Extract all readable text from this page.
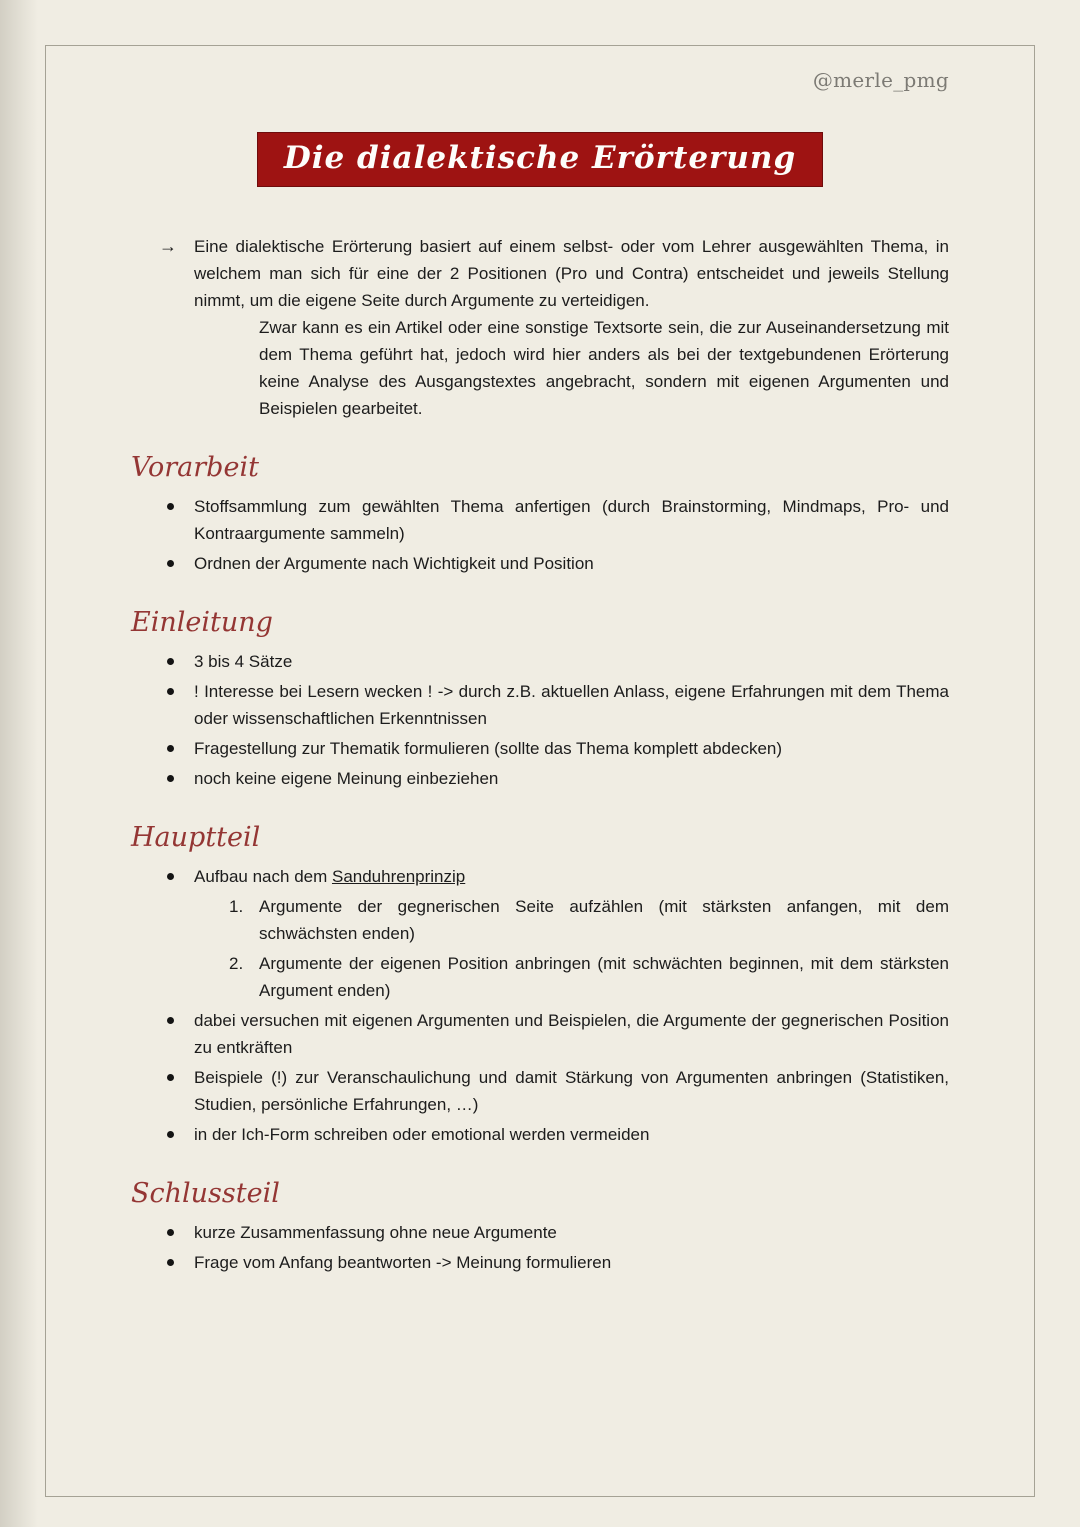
@merle_pmg
Die dialektische Erörterung
→	Eine dialektische Erörterung basiert auf einem selbst- oder vom Lehrer ausgewählten Thema, in welchem man sich für eine der 2 Positionen (Pro und Contra) entscheidet und jeweils Stellung nimmt, um die eigene Seite durch Argumente zu verteidigen.

Zwar kann es ein Artikel oder eine sonstige Textsorte sein, die zur Auseinandersetzung mit dem Thema geführt hat, jedoch wird hier anders als bei der textgebundenen Erörterung keine Analyse des Ausgangstextes angebracht, sondern mit eigenen Argumenten und Beispielen gearbeitet.

Vorarbeit

Stoffsammlung zum gewählten Thema anfertigen (durch Brainstorming, Mindmaps, Pro- und Kontraargumente sammeln)

Ordnen der Argumente nach Wichtigkeit und Position

Einleitung

3 bis 4 Sätze

! Interesse bei Lesern wecken ! -> durch z.B. aktuellen Anlass, eigene Erfahrungen mit dem Thema oder wissenschaftlichen Erkenntnissen

Fragestellung zur Thematik formulieren (sollte das Thema komplett abdecken)

noch keine eigene Meinung einbeziehen

Hauptteil

Aufbau nach dem Sanduhrenprinzip

1. Argumente der gegnerischen Seite aufzählen (mit stärksten anfangen, mit dem schwächsten enden)

2. Argumente der eigenen Position anbringen (mit schwächten beginnen, mit dem stärksten Argument enden)

dabei versuchen mit eigenen Argumenten und Beispielen, die Argumente der gegnerischen Position zu entkräften

Beispiele (!) zur Veranschaulichung und damit Stärkung von Argumenten anbringen (Statistiken, Studien, persönliche Erfahrungen, …)

in der Ich-Form schreiben oder emotional werden vermeiden

Schlussteil

kurze Zusammenfassung ohne neue Argumente

Frage vom Anfang beantworten -> Meinung formulieren
